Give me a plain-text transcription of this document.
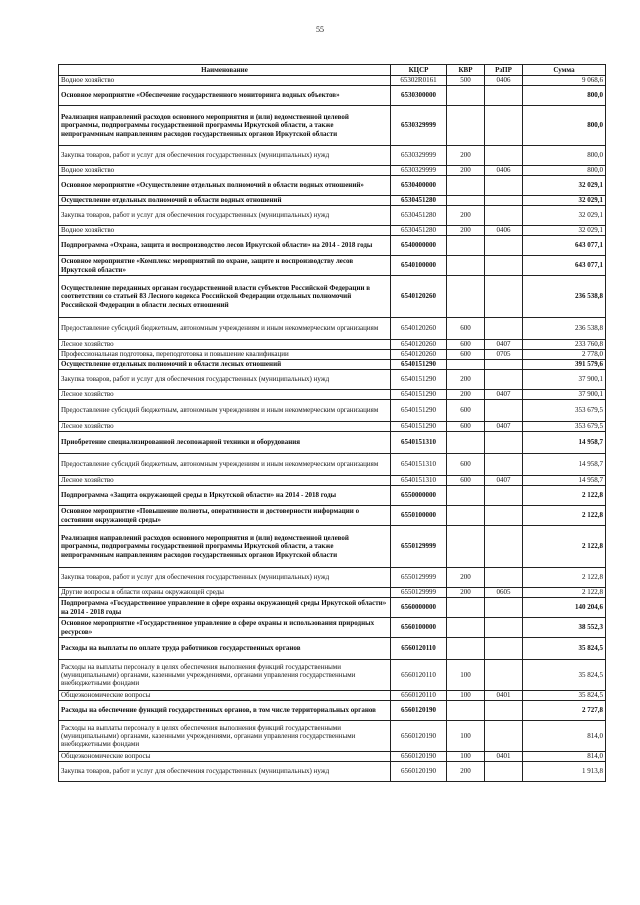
55
Наименование	КЦСР	КВР	РзПР	Сумма
Водное хозяйство	65302R0161	500	0406	9 068,6
Основное мероприятие «Обеспечение государственного мониторинга водных объектов»	6530300000			800,0
Реализация направлений расходов основного мероприятия и (или) ведомственной целевой программы, подпрограммы государственной программы Иркутской области, а также непрограммным направлениям расходов государственных органов Иркутской области	6530329999			800,0
Закупка товаров, работ и услуг для обеспечения государственных (муниципальных) нужд	6530329999	200		800,0
Водное хозяйство	6530329999	200	0406	800,0
Основное мероприятие «Осуществление отдельных полномочий в области водных отношений»	6530400000			32 029,1
Осуществление отдельных полномочий в области водных отношений	6530451280			32 029,1
Закупка товаров, работ и услуг для обеспечения государственных (муниципальных) нужд	6530451280	200		32 029,1
Водное хозяйство	6530451280	200	0406	32 029,1
Подпрограмма «Охрана, защита и воспроизводство лесов Иркутской области» на 2014 - 2018 годы	6540000000			643 077,1
Основное мероприятие «Комплекс мероприятий по охране, защите и воспроизводству лесов Иркутской области»	6540100000			643 077,1
Осуществление переданных органам государственной власти субъектов Российской Федерации в соответствии со статьей 83 Лесного кодекса Российской Федерации отдельных полномочий Российской Федерации в области лесных отношений	6540120260			236 538,8
Предоставление субсидий бюджетным, автономным учреждениям и иным некоммерческим организациям	6540120260	600		236 538,8
Лесное хозяйство	6540120260	600	0407	233 760,8
Профессиональная подготовка, переподготовка и повышение квалификации	6540120260	600	0705	2 778,0
Осуществление отдельных полномочий в области лесных отношений	6540151290			391 579,6
Закупка товаров, работ и услуг для обеспечения государственных (муниципальных) нужд	6540151290	200		37 900,1
Лесное хозяйство	6540151290	200	0407	37 900,1
Предоставление субсидий бюджетным, автономным учреждениям и иным некоммерческим организациям	6540151290	600		353 679,5
Лесное хозяйство	6540151290	600	0407	353 679,5
Приобретение специализированной лесопожарной техники и оборудования	6540151310			14 958,7
Предоставление субсидий бюджетным, автономным учреждениям и иным некоммерческим организациям	6540151310	600		14 958,7
Лесное хозяйство	6540151310	600	0407	14 958,7
Подпрограмма «Защита окружающей среды в Иркутской области» на 2014 - 2018 годы	6550000000			2 122,8
Основное мероприятие «Повышение полноты, оперативности и достоверности информации о состоянии окружающей среды»	6550100000			2 122,8
Реализация направлений расходов основного мероприятия и (или) ведомственной целевой программы, подпрограммы государственной программы Иркутской области, а также непрограммным направлениям расходов государственных органов Иркутской области	6550129999			2 122,8
Закупка товаров, работ и услуг для обеспечения государственных (муниципальных) нужд	6550129999	200		2 122,8
Другие вопросы в области охраны окружающей среды	6550129999	200	0605	2 122,8
Подпрограмма «Государственное управление в сфере охраны окружающей среды Иркутской области» на 2014 - 2018 годы	6560000000			140 204,6
Основное мероприятие «Государственное управление в сфере охраны и использования природных ресурсов»	6560100000			38 552,3
Расходы на выплаты по оплате труда работников государственных органов	6560120110			35 824,5
Расходы на выплаты персоналу в целях обеспечения выполнения функций государственными (муниципальными) органами, казенными учреждениями, органами управления государственными внебюджетными фондами	6560120110	100		35 824,5
Общеэкономические вопросы	6560120110	100	0401	35 824,5
Расходы на обеспечение функций государственных органов, в том числе территориальных органов	6560120190			2 727,8
Расходы на выплаты персоналу в целях обеспечения выполнения функций государственными (муниципальными) органами, казенными учреждениями, органами управления государственными внебюджетными фондами	6560120190	100		814,0
Общеэкономические вопросы	6560120190	100	0401	814,0
Закупка товаров, работ и услуг для обеспечения государственных (муниципальных) нужд	6560120190	200		1 913,8
